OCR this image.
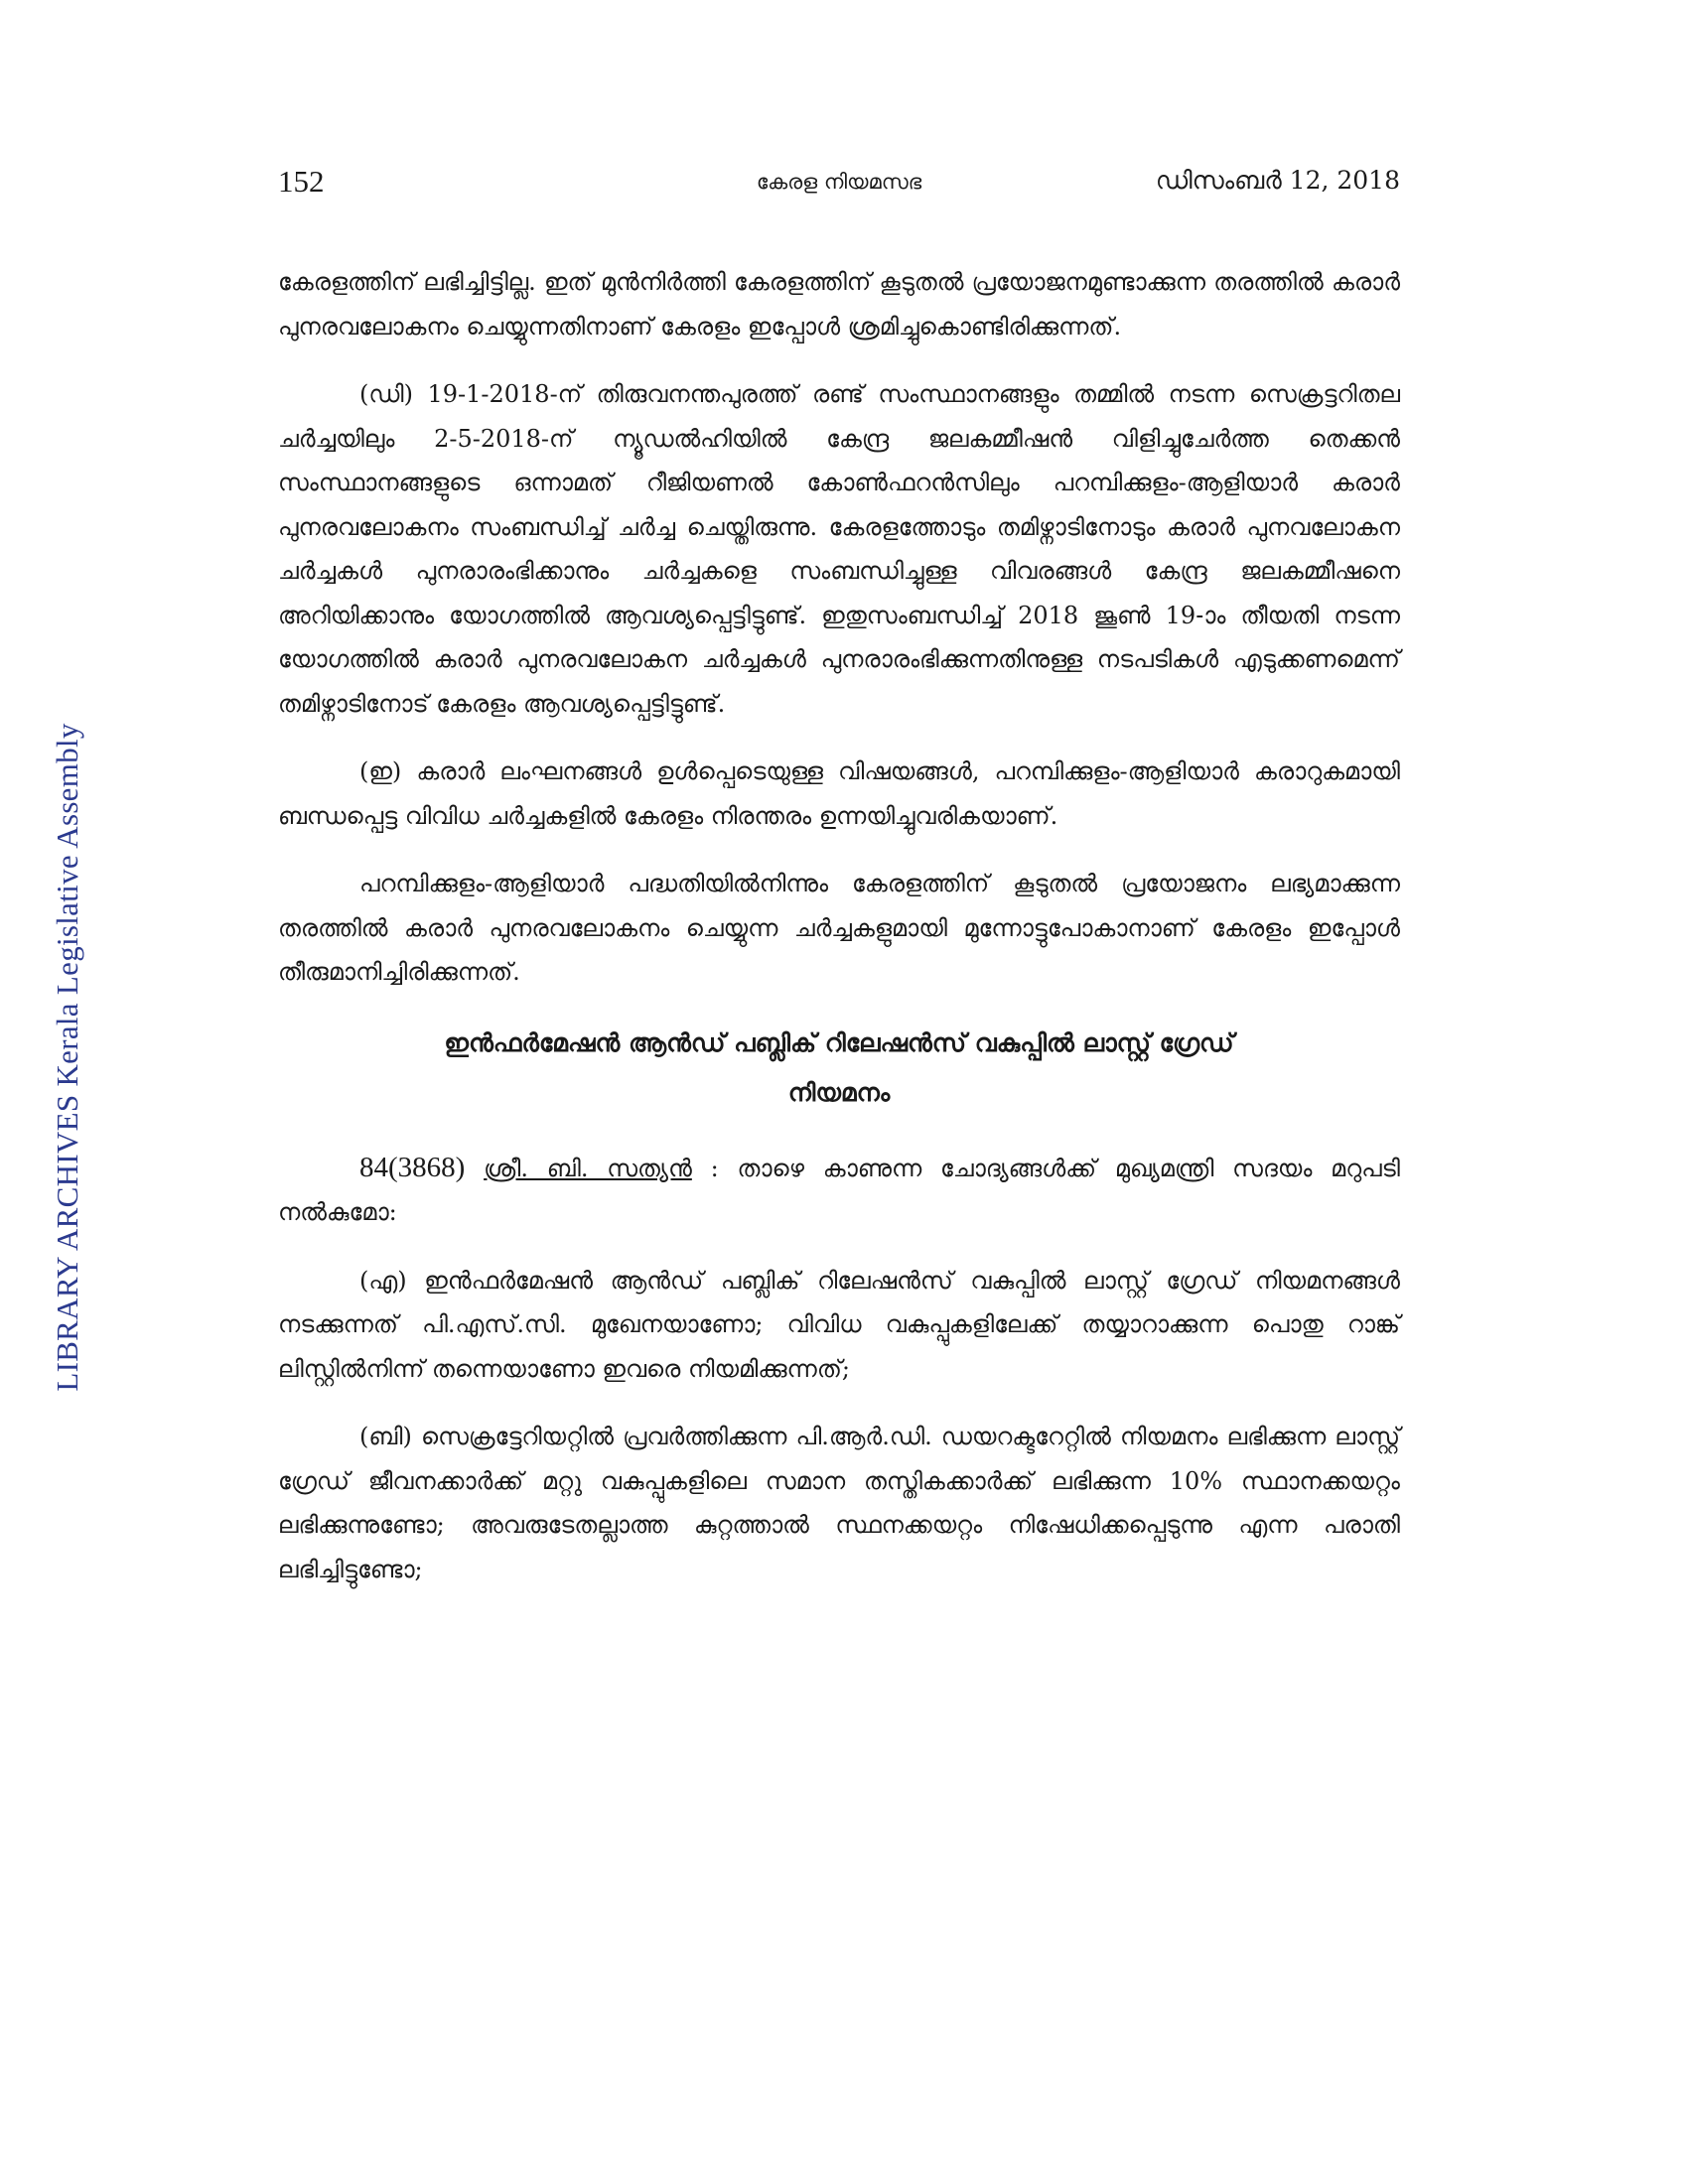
LIBRARY ARCHIVES Kerala Legislative Assembly
152	കേരള നിയമസഭ	ഡിസംബർ 12, 2018

കേരളത്തിന് ലഭിച്ചിട്ടില്ല. ഇത് മുൻനിർത്തി കേരളത്തിന് കൂടുതൽ പ്രയോജനമുണ്ടാക്കുന്ന തരത്തിൽ കരാർ പുനരവലോകനം ചെയ്യുന്നതിനാണ് കേരളം ഇപ്പോൾ ശ്രമിച്ചുകൊണ്ടിരിക്കുന്നത്.

(ഡി) 19-1-2018-ന് തിരുവനന്തപുരത്ത് രണ്ട് സംസ്ഥാനങ്ങളും തമ്മിൽ നടന്ന സെക്രട്ടറിതല ചർച്ചയിലും 2-5-2018-ന് ന്യൂഡൽഹിയിൽ കേന്ദ്ര ജലകമ്മീഷൻ വിളിച്ചുചേർത്ത തെക്കൻ സംസ്ഥാനങ്ങളുടെ ഒന്നാമത് റീജിയണൽ കോൺഫറൻസിലും പറമ്പിക്കുളം-ആളിയാർ കരാർ പുനരവലോകനം സംബന്ധിച്ച് ചർച്ച ചെയ്തിരുന്നു. കേരളത്തോടും തമിഴ്നാടിനോടും കരാർ പുനവലോകന ചർച്ചകൾ പുനരാരംഭിക്കാനും ചർച്ചകളെ സംബന്ധിച്ചുള്ള വിവരങ്ങൾ കേന്ദ്ര ജലകമ്മീഷനെ അറിയിക്കാനും യോഗത്തിൽ ആവശ്യപ്പെട്ടിട്ടുണ്ട്. ഇതുസംബന്ധിച്ച് 2018 ജൂൺ 19-ാം തീയതി നടന്ന യോഗത്തിൽ കരാർ പുനരവലോകന ചർച്ചകൾ പുനരാരംഭിക്കുന്നതിനുള്ള നടപടികൾ എടുക്കണമെന്ന് തമിഴ്നാടിനോട് കേരളം ആവശ്യപ്പെട്ടിട്ടുണ്ട്.

(ഇ) കരാർ ലംഘനങ്ങൾ ഉൾപ്പെടെയുള്ള വിഷയങ്ങൾ, പറമ്പിക്കുളം-ആളിയാർ കരാറുകമായി ബന്ധപ്പെട്ട വിവിധ ചർച്ചകളിൽ കേരളം നിരന്തരം ഉന്നയിച്ചുവരികയാണ്.

പറമ്പിക്കുളം-ആളിയാർ പദ്ധതിയിൽനിന്നും കേരളത്തിന് കൂടുതൽ പ്രയോജനം ലഭ്യമാക്കുന്ന തരത്തിൽ കരാർ പുനരവലോകനം ചെയ്യുന്ന ചർച്ചകളുമായി മുന്നോട്ടുപോകാനാണ് കേരളം ഇപ്പോൾ തീരുമാനിച്ചിരിക്കുന്നത്.

ഇൻഫർമേഷൻ ആൻഡ് പബ്ലിക് റിലേഷൻസ് വകുപ്പിൽ ലാസ്റ്റ് ഗ്രേഡ്
നിയമനം

84(3868) ശ്രീ. ബി. സത്യൻ : താഴെ കാണുന്ന ചോദ്യങ്ങൾക്ക് മുഖ്യമന്ത്രി സദയം മറുപടി നൽകുമോ:

(എ) ഇൻഫർമേഷൻ ആൻഡ് പബ്ലിക് റിലേഷൻസ് വകുപ്പിൽ ലാസ്റ്റ് ഗ്രേഡ് നിയമനങ്ങൾ നടക്കുന്നത് പി.എസ്.സി. മുഖേനയാണോ; വിവിധ വകുപ്പുകളിലേക്ക് തയ്യാറാക്കുന്ന പൊതു റാങ്ക് ലിസ്റ്റിൽനിന്ന് തന്നെയാണോ ഇവരെ നിയമിക്കുന്നത്;

(ബി) സെക്രട്ടേറിയറ്റിൽ പ്രവർത്തിക്കുന്ന പി.ആർ.ഡി. ഡയറക്ടറേറ്റിൽ നിയമനം ലഭിക്കുന്ന ലാസ്റ്റ് ഗ്രേഡ് ജീവനക്കാർക്ക് മറ്റു വകുപ്പുകളിലെ സമാന തസ്തികക്കാർക്ക് ലഭിക്കുന്ന 10% സ്ഥാനക്കയറ്റം ലഭിക്കുന്നുണ്ടോ; അവരുടേതല്ലാത്ത കുറ്റത്താൽ സ്ഥനക്കയറ്റം നിഷേധിക്കപ്പെടുന്നു എന്ന പരാതി ലഭിച്ചിട്ടുണ്ടോ;
